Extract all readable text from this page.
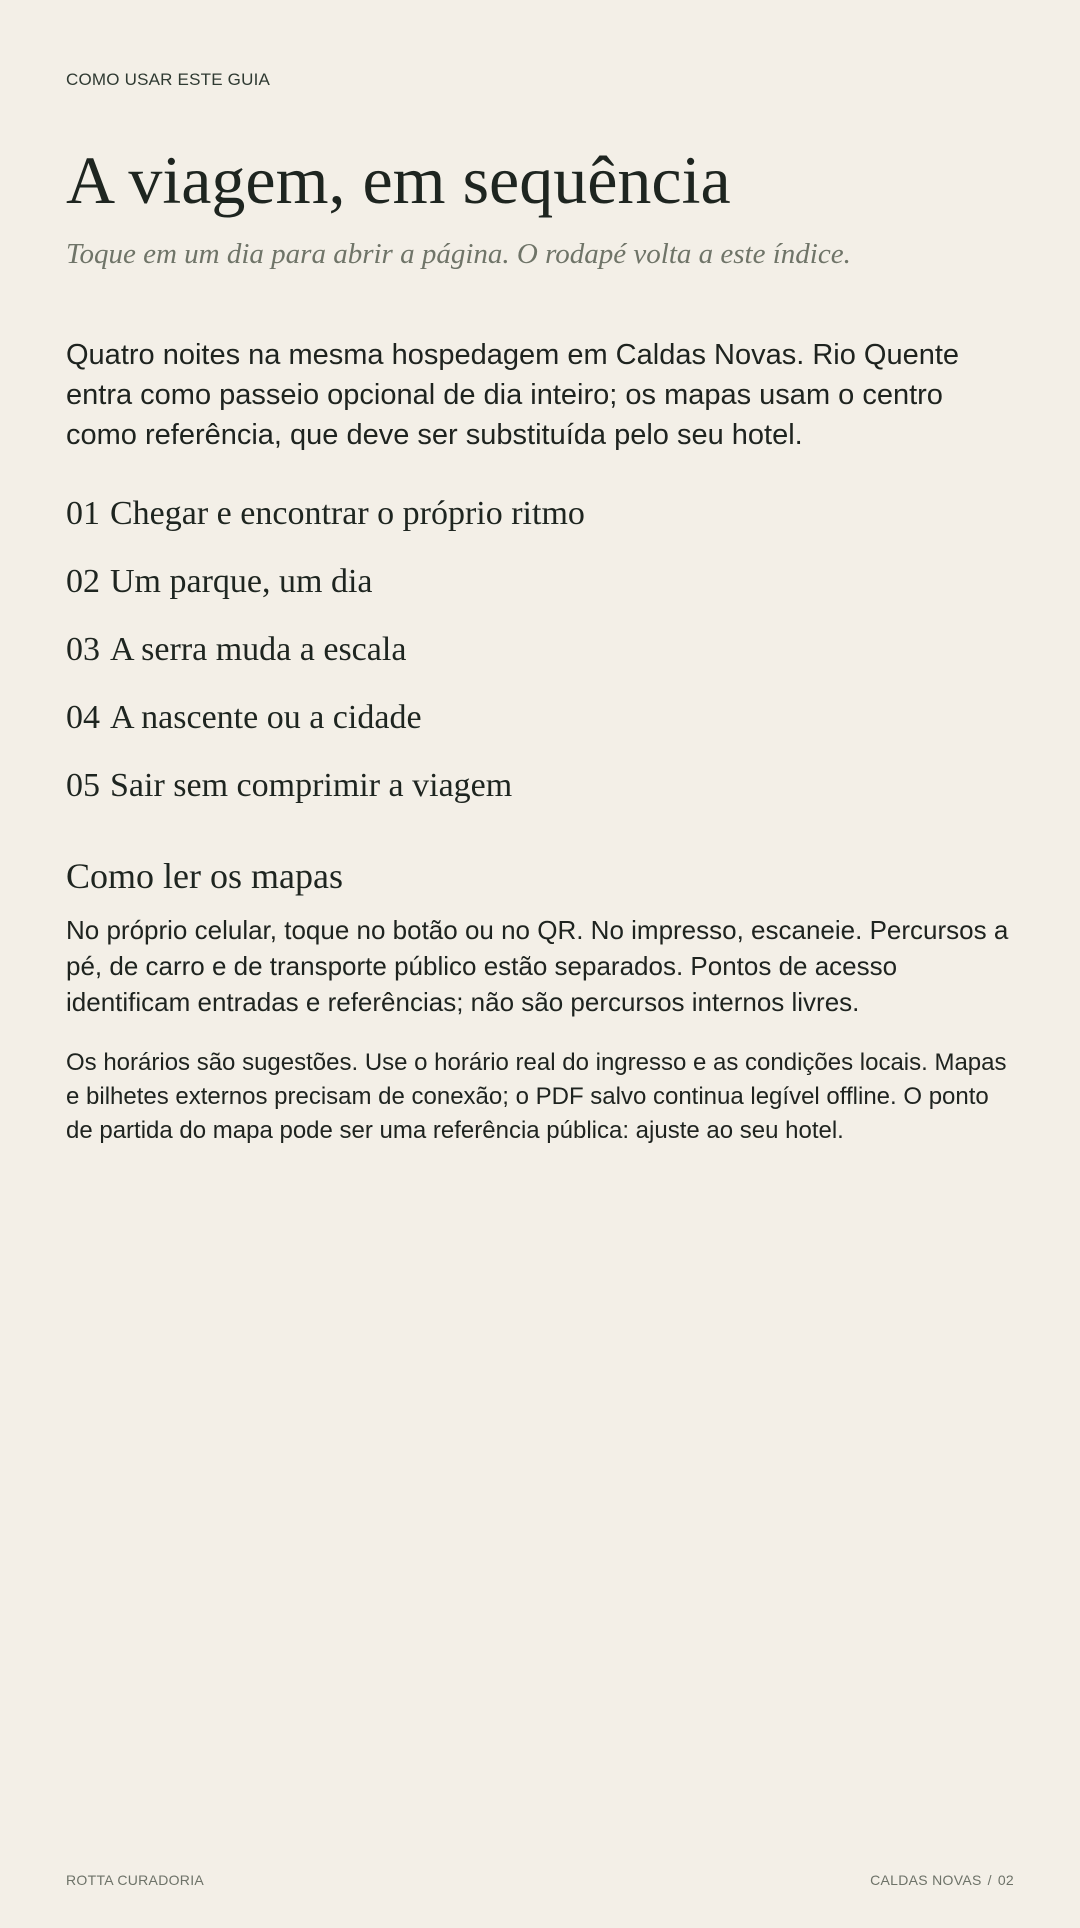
COMO USAR ESTE GUIA
A viagem, em sequência
Toque em um dia para abrir a página. O rodapé volta a este índice.

Quatro noites na mesma hospedagem em Caldas Novas. Rio Quente entra como passeio opcional de dia inteiro; os mapas usam o centro como referência, que deve ser substituída pelo seu hotel.

01 Chegar e encontrar o próprio ritmo
02 Um parque, um dia
03 A serra muda a escala
04 A nascente ou a cidade
05 Sair sem comprimir a viagem
Como ler os mapas

No próprio celular, toque no botão ou no QR. No impresso, escaneie. Percursos a pé, de carro e de transporte público estão separados. Pontos de acesso identificam entradas e referências; não são percursos internos livres.

Os horários são sugestões. Use o horário real do ingresso e as condições locais. Mapas e bilhetes externos precisam de conexão; o PDF salvo continua legível offline. O ponto de partida do mapa pode ser uma referência pública: ajuste ao seu hotel.

ROTTA CURADORIA	CALDAS NOVAS / 02
